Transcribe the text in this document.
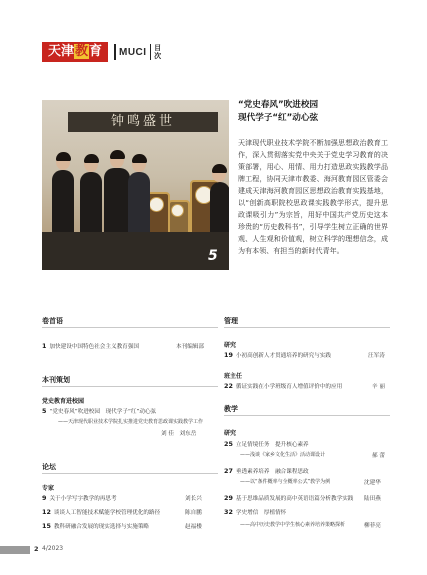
天津教育	MUCI 目
次
钟鸣盛世
5
“党史春风”吹进校园
现代学子“红”动心弦
天津现代职业技术学院不断加强思想政治教育工作，深入贯彻落实党中央关于党史学习教育的决策部署，用心、用情、用力打造思政实践教学品牌工程，协同天津市教委、海河教育园区管委会建成天津海河教育园区思想政治教育实践基地，以“创新高职院校思政课实践教学形式，提升思政课吸引力”为宗旨，用好中国共产党历史这本珍贵的“历史教科书”，引导学生树立正确的世界观、人生观和价值观，树立科学的理想信念，成为有本领、有担当的新时代青年。
卷首语
1 加快建设中国特色社会主义教育强国	本刊编辑部
本刊策划
党史教育进校园
5 “党史春风”吹进校园　现代学子“红”动心弦
——天津现代职业技术学院扎实推进党史教育思政课实践教学工作
刘 佳　刘东岳
论坛
专家
9 关于小学写字教学的再思考	刘长兴
12 谈谈人工智能技术赋能学校管理优化的路径	陈自鹏
15 教科研融合发展的现实选择与实施策略	赵福楼
管理
研究
19 小初高创新人才贯通培养的研究与实践	汪军涛
班主任
22 循证实践在小学班级育人增值评价中的应用	辛 丽
教学
研究
25 立足情境任务　提升核心素养
——浅谈《家乡文化生活》活动课设计	郝 蕾
27 垂透素养培养　融合课程思政
——以“条件概率与全概率公式”教学为例	沈建华
29 基于思维品质发展的高中英语语篇分析教学实践 陆田燕
32 学史增信　厚植情怀
——高中历史教学中学生核心素养培养策略探析	柳菲亮
2 4/2023
